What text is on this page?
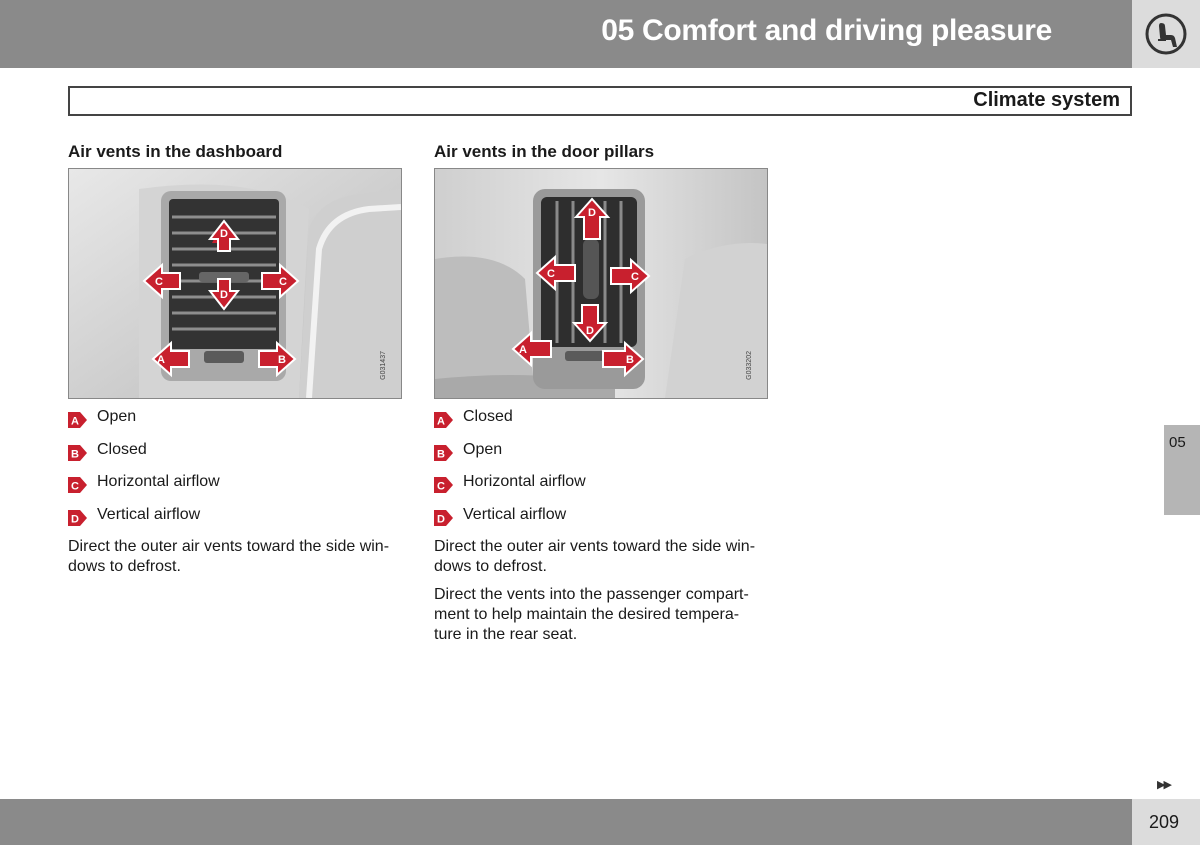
05 Comfort and driving pleasure
Climate system
Air vents in the dashboard
D
D
C	C
A	B	G031437
A Open
B Closed
C Horizontal airflow
D Vertical airflow

Direct the outer air vents toward the side win-dows to defrost.

Air vents in the door pillars
D
D
C	C
A
B	G033202
A Closed
B Open
C Horizontal airflow
D Vertical airflow

Direct the outer air vents toward the side win-dows to defrost.

Direct the vents into the passenger compart-ment to help maintain the desired tempera-ture in the rear seat.

05
▶▶
209
